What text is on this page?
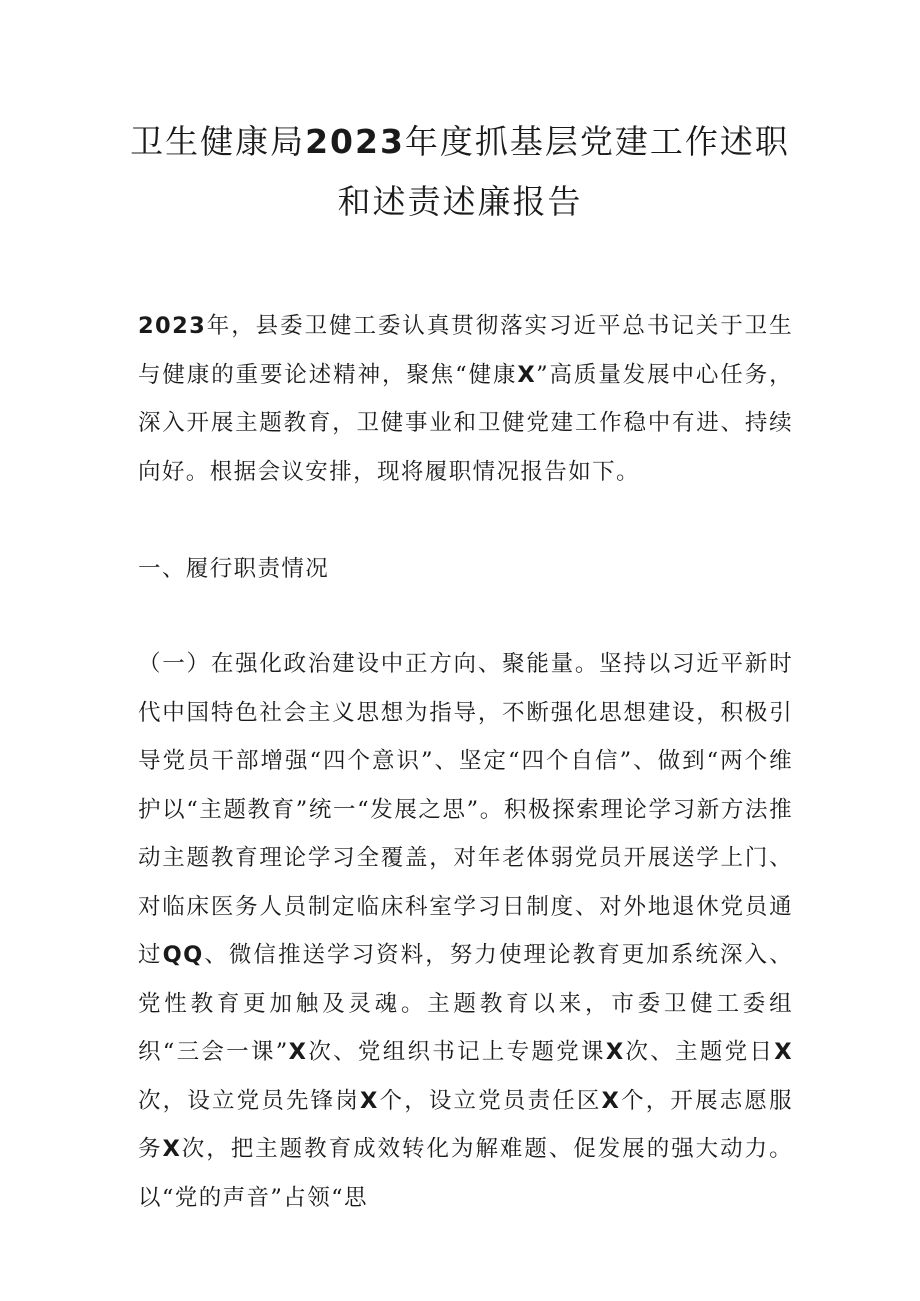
卫生健康局2023年度抓基层党建工作述职
和述责述廉报告

2023年，县委卫健工委认真贯彻落实习近平总书记关于卫生与健康的重要论述精神，聚焦“健康X”高质量发展中心任务，深入开展主题教育，卫健事业和卫健党建工作稳中有进、持续向好。根据会议安排，现将履职情况报告如下。

一、履行职责情况

（一）在强化政治建设中正方向、聚能量。坚持以习近平新时代中国特色社会主义思想为指导，不断强化思想建设，积极引导党员干部增强“四个意识”、坚定“四个自信”、做到“两个维护以“主题教育”统一“发展之思”。积极探索理论学习新方法推动主题教育理论学习全覆盖，对年老体弱党员开展送学上门、对临床医务人员制定临床科室学习日制度、对外地退休党员通过QQ、微信推送学习资料，努力使理论教育更加系统深入、党性教育更加触及灵魂。主题教育以来，市委卫健工委组织“三会一课”X次、党组织书记上专题党课X次、主题党日X次，设立党员先锋岗X个，设立党员责任区X个，开展志愿服务X次，把主题教育成效转化为解难题、促发展的强大动力。以“党的声音”占领“思
